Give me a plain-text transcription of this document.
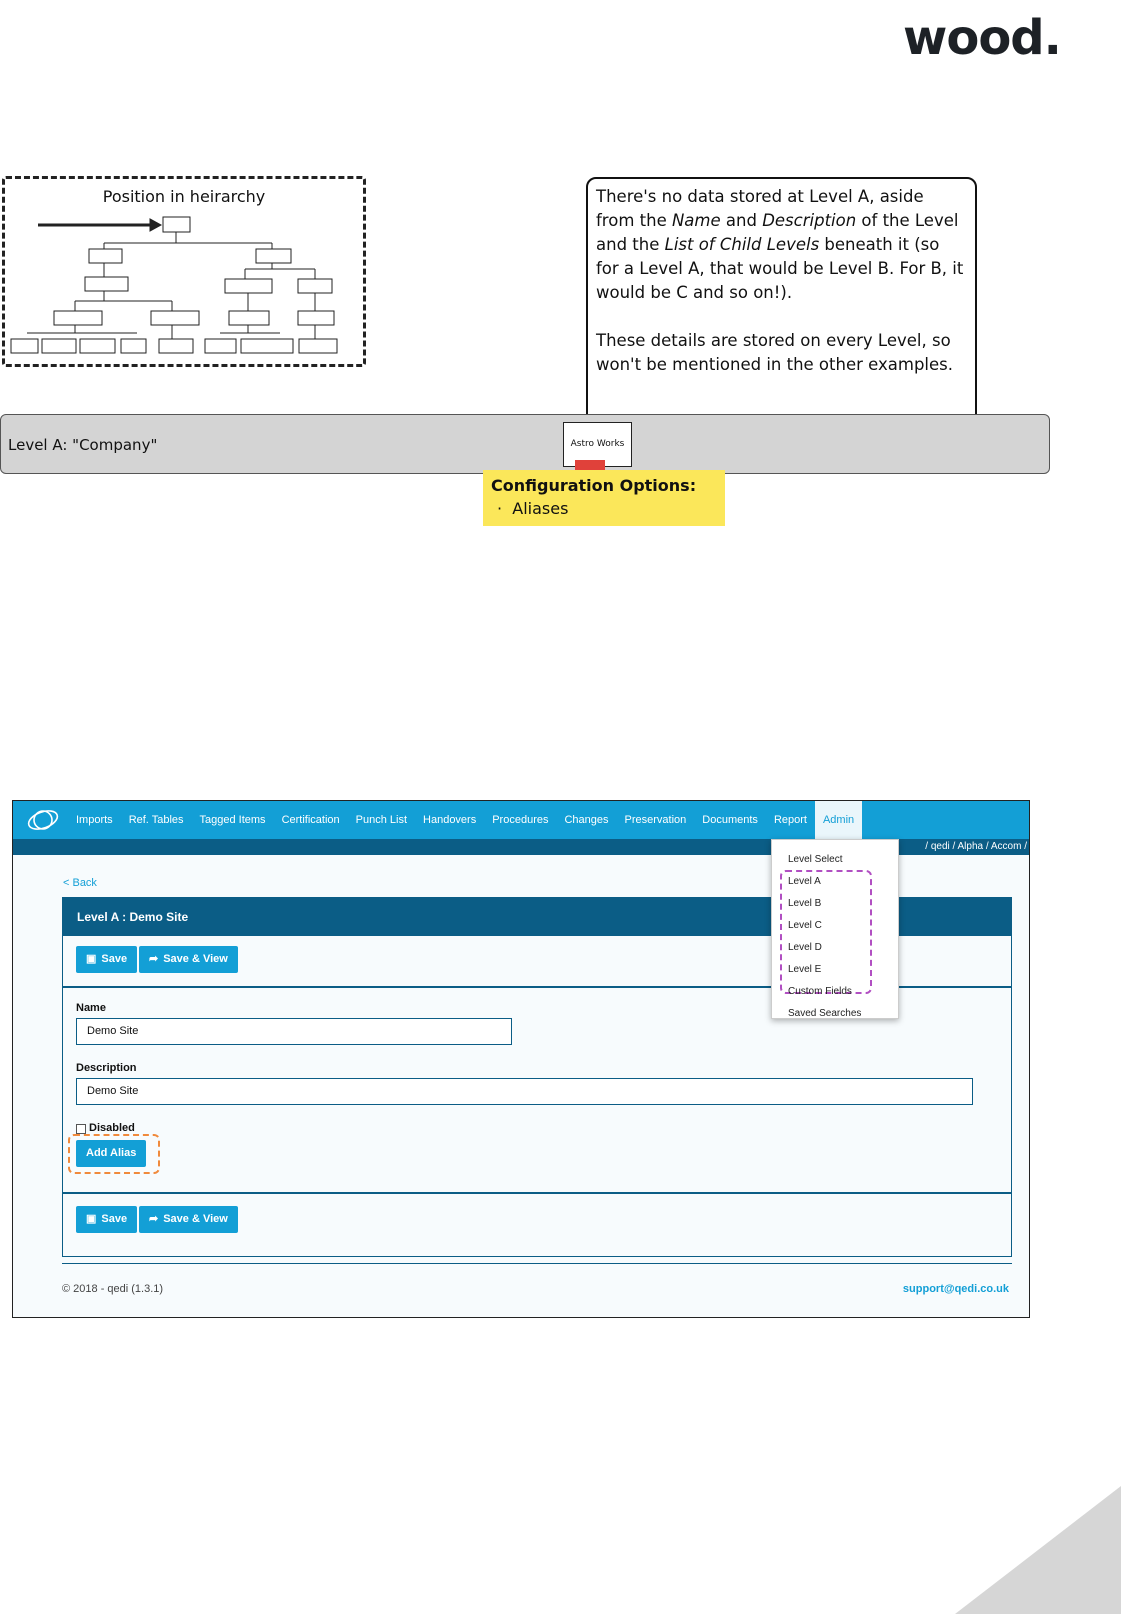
wood.
Position in heirarchy	There's no data stored at Level A, aside from the Name and Description of the Level and the List of Child Levels beneath it (so for a Level A, that would be Level B. For B, it would be C and so on!).

These details are stored on every Level, so won't be mentioned in the other examples.

Level A: "Company"	Astro Works
Configuration Options:
·  Aliases
Imports	Ref. Tables	Tagged Items	Certification	Punch List	Handovers	Procedures	Changes	Preservation	Documents	Report	Admin
/ qedi / Alpha / Accom /
< Back
Level A : Demo Site
▣ Save	➦ Save & View
Name
Demo Site
Description
Demo Site
Disabled
Add Alias
▣ Save	➦ Save & View
© 2018 - qedi (1.3.1)	support@qedi.co.uk
Level Select
Level A
Level B
Level C
Level D
Level E
Custom Fields
Saved Searches
